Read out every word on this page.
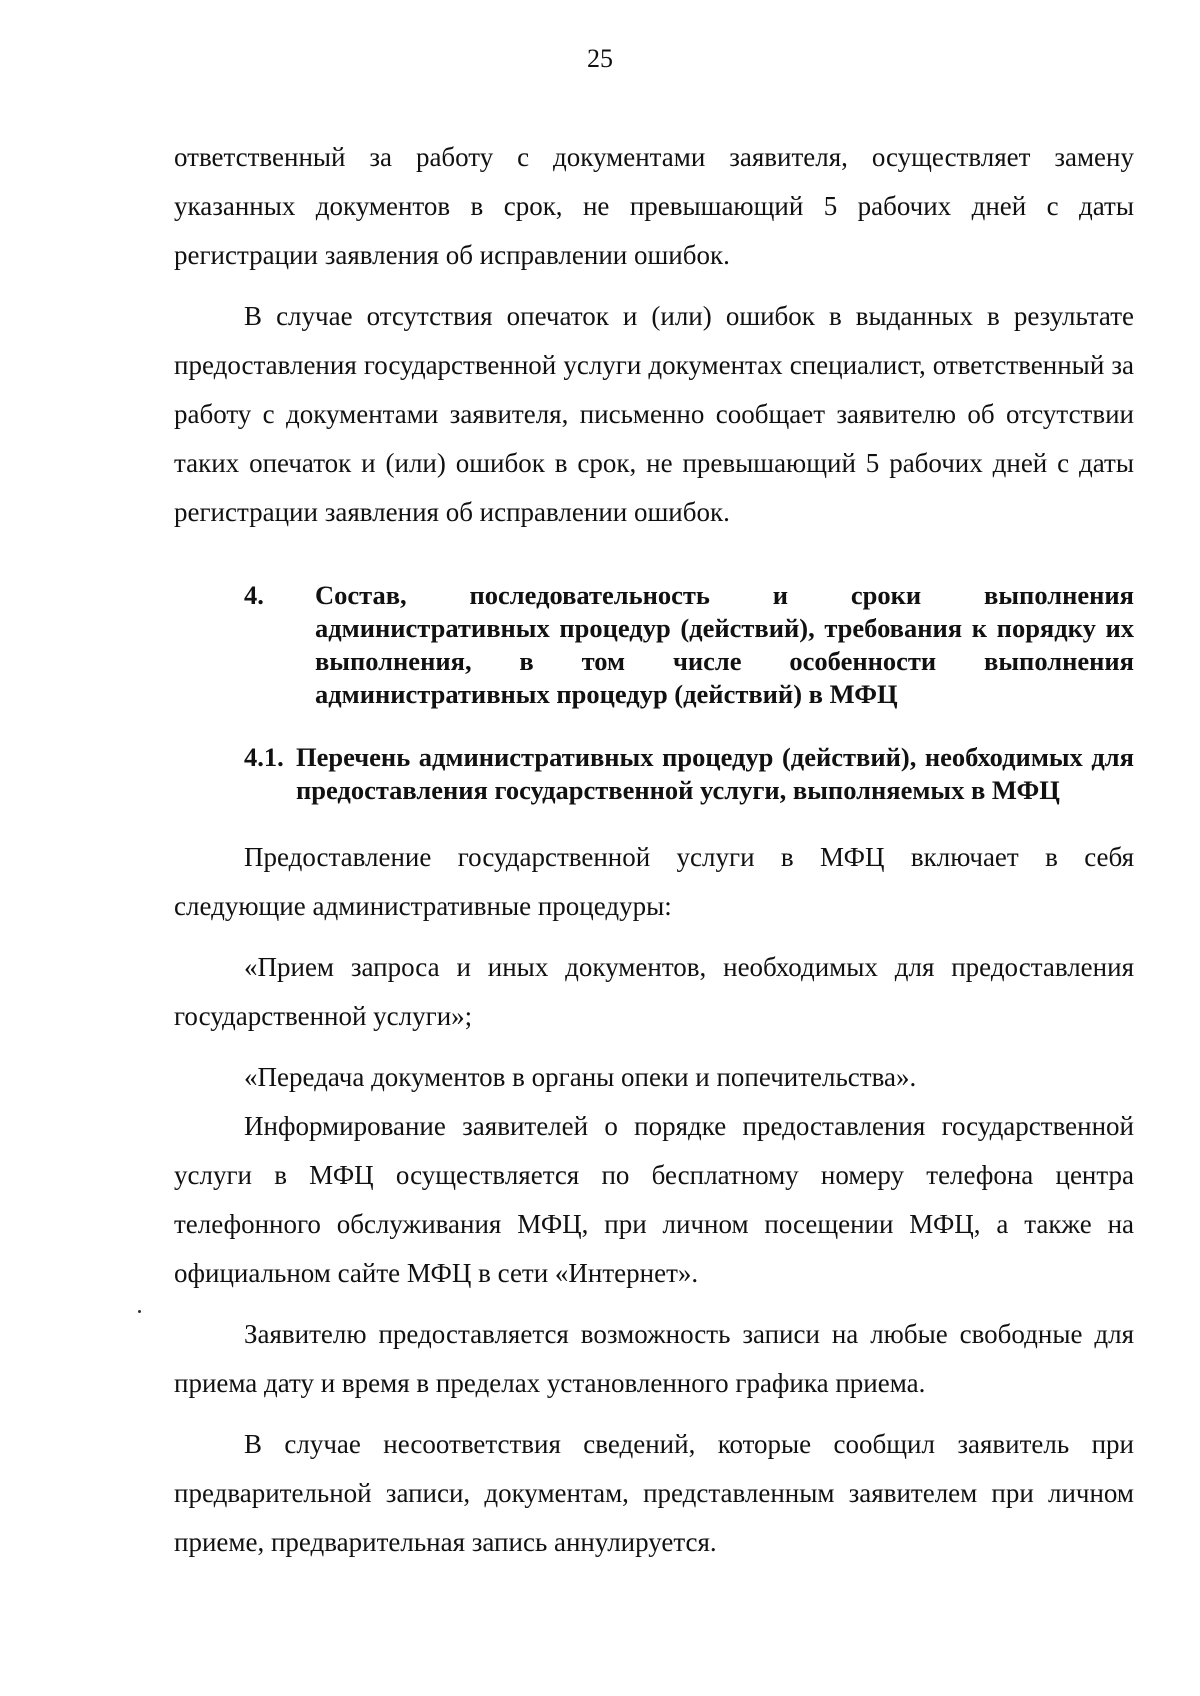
25

ответственный за работу с документами заявителя, осуществляет замену указанных документов в срок, не превышающий 5 рабочих дней с даты регистрации заявления об исправлении ошибок.

В случае отсутствия опечаток и (или) ошибок в выданных в результате предоставления государственной услуги документах специалист, ответственный за работу с документами заявителя, письменно сообщает заявителю об отсутствии таких опечаток и (или) ошибок в срок, не превышающий 5 рабочих дней с даты регистрации заявления об исправлении ошибок.

4. Состав, последовательность и сроки выполнения административных процедур (действий), требования к порядку их выполнения, в том числе особенности выполнения административных процедур (действий) в МФЦ
4.1. Перечень административных процедур (действий), необходимых для предоставления государственной услуги, выполняемых в МФЦ

Предоставление государственной услуги в МФЦ включает в себя следующие административные процедуры:

«Прием запроса и иных документов, необходимых для предоставления государственной услуги»;

«Передача документов в органы опеки и попечительства».

Информирование заявителей о порядке предоставления государственной услуги в МФЦ осуществляется по бесплатному номеру телефона центра телефонного обслуживания МФЦ, при личном посещении МФЦ, а также на официальном сайте МФЦ в сети «Интернет».

Заявителю предоставляется возможность записи на любые свободные для приема дату и время в пределах установленного графика приема.

В случае несоответствия сведений, которые сообщил заявитель при предварительной записи, документам, представленным заявителем при личном приеме, предварительная запись аннулируется.
